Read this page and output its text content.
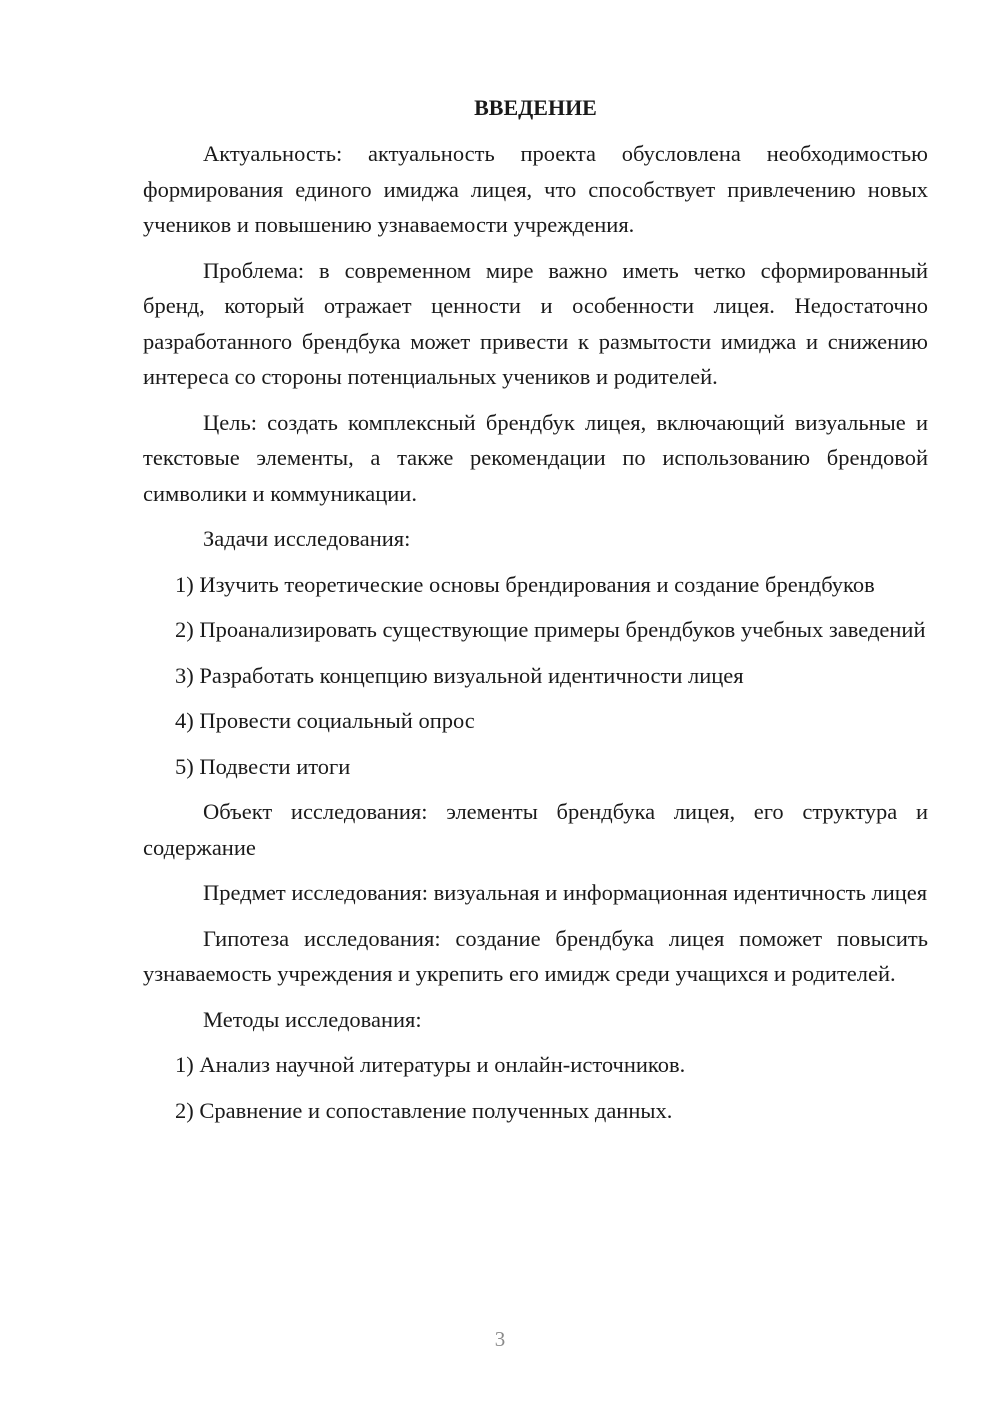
ВВЕДЕНИЕ

Актуальность: актуальность проекта обусловлена необходимостью формирования единого имиджа лицея, что способствует привлечению новых учеников и повышению узнаваемости учреждения.

Проблема: в современном мире важно иметь четко сформированный бренд, который отражает ценности и особенности лицея. Недостаточно разработанного брендбука может привести к размытости имиджа и снижению интереса со стороны потенциальных учеников и родителей.

Цель: создать комплексный брендбук лицея, включающий визуальные и текстовые элементы, а также рекомендации по использованию брендовой символики и коммуникации.

Задачи исследования:

1) Изучить теоретические основы брендирования и создание брендбуков

2) Проанализировать существующие примеры брендбуков учебных заведений

3) Разработать концепцию визуальной идентичности лицея

4) Провести социальный опрос

5) Подвести итоги

Объект исследования: элементы брендбука лицея, его структура и содержание

Предмет исследования: визуальная и информационная идентичность лицея

Гипотеза исследования: создание брендбука лицея поможет повысить узнаваемость учреждения и укрепить его имидж среди учащихся и родителей.

Методы исследования:

1) Анализ научной литературы и онлайн-источников.

2) Сравнение и сопоставление полученных данных.

3
